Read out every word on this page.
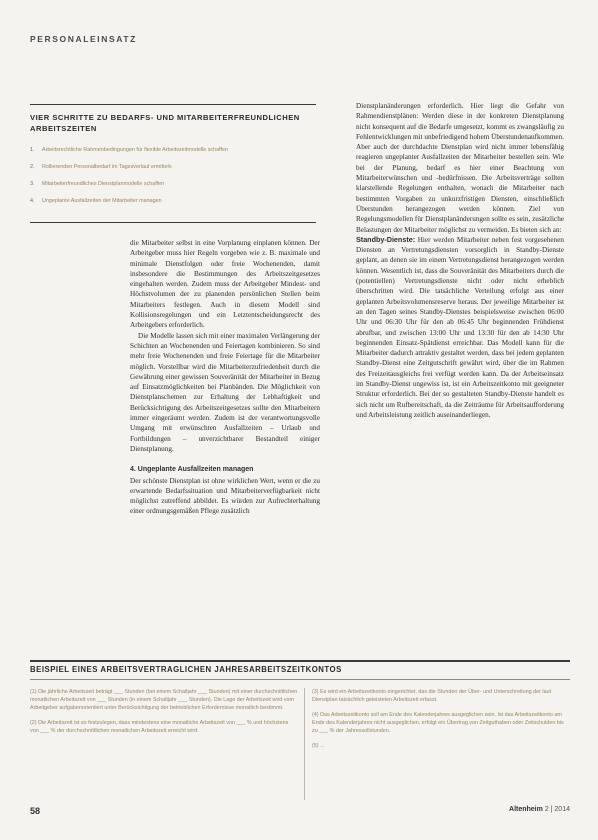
PERSONALEINSATZ
VIER SCHRITTE ZU BEDARFS- UND MITARBEITERFREUNDLICHEN ARBEITSZEITEN
1. Arbeitsrechtliche Rahmenbedingungen für flexible Arbeitszeitmodelle schaffen
2. Rollierenden Personalbedarf im Tagesverlauf ermitteln
3. Mitarbeiterfreundliches Dienstplanmodelle schaffen
4. Ungeplante Ausfallzeiten der Mitarbeiter managen

die Mitarbeiter selbst in eine Vorplanung einplanen können. Der Arbeitgeber muss hier Regeln vorgeben wie z. B. maximale und minimale Dienstfolgen oder freie Wochenenden, damit insbesondere die Bestimmungen des Arbeitszeitgesetzes eingehalten werden. Zudem muss der Arbeitgeber Mindest- und Höchstvolumen der zu planenden persönlichen Stellen beim Mitarbeiters festlegen. Auch in diesem Modell sind Kollisionsregelungen und ein Letztentscheidungsrecht des Arbeitgebers erforderlich.

Die Modelle lassen sich mit einer maximalen Verlängerung der Schichten an Wochenenden und Feiertagen kombinieren. So sind mehr freie Wochenenden und freie Feiertage für die Mitarbeiter möglich. Vorstellbar wird die Mitarbeiterzufriedenheit durch die Gewährung einer gewissen Souveränität der Mitarbeiter in Bezug auf Einsatzmöglichkeiten bei Planbänden. Die Möglichkeit von Dienstplanschemen zur Erhaltung der Lebhaftigkeit und Berücksichtigung des Arbeitszeitgesetzes sollte den Mitarbeitern immer eingeräumt werden. Zudem ist der verantwortungsvolle Umgang mit erwünschten Ausfallzeiten – Urlaub und Fortbildungen – unverzichtbarer Bestandteil einiger Dienstplanung.

4. Ungeplante Ausfallzeiten managen

Der schönste Dienstplan ist ohne wirklichen Wert, wenn er die zu erwartende Bedarfssituation und Mitarbeiterverfügbarkeit nicht möglichst zutreffend abbildet. Es würden zur Aufrechterhaltung einer ordnungsgemäßen Pflege zusätzlich

Dienstplanänderungen erforderlich. Hier liegt die Gefahr von Rahmendienstplänen: Werden diese in der konkreten Dienstplanung nicht konsequent auf die Bedarfe umgesetzt, kommt es zwangsläufig zu Fehlentwicklungen mit unbefriedigend hohem Überstundenaufkommen. Aber auch der durchdachte Dienstplan wird nicht immer lebensfähig reagieren ungeplanter Ausfallzeiten der Mitarbeiter bestellen sein. Wie bei der Planung, bedarf es hier einer Beachtung von Mitarbeiterwünschen und -bedürfnissen. Die Arbeitsverträge sollten klarstellende Regelungen enthalten, wonach die Mitarbeiter nach bestimmten Vorgaben zu unkurzfristigen Diensten, einschließlich Überstunden herangezogen werden können. Ziel von Regelungsmodellen für Dienstplanänderungen sollte es sein, zusätzliche Belastungen der Mitarbeiter möglichst zu vermeiden. Es bieten sich an:

Standby-Dienste: Hier werden Mitarbeiter neben fest vorgesehenen Diensten an Vertretungsdiensten vorsorglich in Standby-Dienste geplant, an denen sie im einem Vertretungsdienst herangezogen werden können. Wesentlich ist, dass die Souveränität des Mitarbeiters durch die (potentiellen) Vertretungsdienste nicht oder nicht erheblich überschritten wird. Die tatsächliche Verteilung erfolgt aus einer geplanten Arbeitsvolumensreserve heraus. Der jeweilige Mitarbeiter ist an den Tagen seines Standby-Dienstes beispielsweise zwischen 06:00 Uhr und 06:30 Uhr für den ab 06:45 Uhr beginnenden Frühdienst abrufbar, und zwischen 13:00 Uhr und 13:30 für den ab 14:30 Uhr beginnenden Einsatz-Spätdienst erreichbar. Das Modell kann für die Mitarbeiter dadurch attraktiv gestaltet werden, dass bei jedem geplanten Standby-Dienst eine Zeitgutschrift gewährt wird, über die im Rahmen des Freizeitausgleichs frei verfügt werden kann. Da der Arbeitseinsatz im Standby-Dienst ungewiss ist, ist ein Arbeitszeitkonto mit geeigneter Struktur erforderlich. Bei der so gestalteten Standby-Dienste handelt es sich nicht um Rufbereitschaft, da die Zeiträume für Arbeitsaufforderung und Arbeitsleistung zeitlich auseinanderliegen.

BEISPIEL EINES ARBEITSVERTRAGLICHEN JAHRESARBEITSZEITKONTOS

(1) Die jährliche Arbeitszeit beträgt ___ Stunden (bei einem Schaltjahr ___ Stunden) mit einer durchschnittlichen monatlichen Arbeitszeit von ___ Stunden (in einem Schaltjahr ___ Stunden). Die Lage der Arbeitszeit wird vom Arbeitgeber aufgabenorientiert unter Berücksichtigung der betrieblichen Erfordernisse monatlich bestimmt.

(2) Die Arbeitszeit ist so festzulegen, dass mindestens eine monatliche Arbeitszeit von ___ % und höchstens von ___ % der durchschnittlichen monatlichen Arbeitszeit erreicht wird.

(3) Es wird ein Arbeitszeitkonto eingerichtet, das die Stunden der Über- und Unterschreitung der laut Dienstplan tatsächlich geleisteten Arbeitszeit erfasst.

(4) Das Arbeitszeitkonto soll am Ende des Kalenderjahres ausgeglichen sein. Ist das Arbeitszeitkonto am Ende des Kalenderjahres nicht ausgeglichen, erfolgt ein Übertrag von Zeitguthaben oder Zeitschulden bis zu ___ % der Jahressollstunden.

(5) ...

58	Altenheim 2 | 2014
